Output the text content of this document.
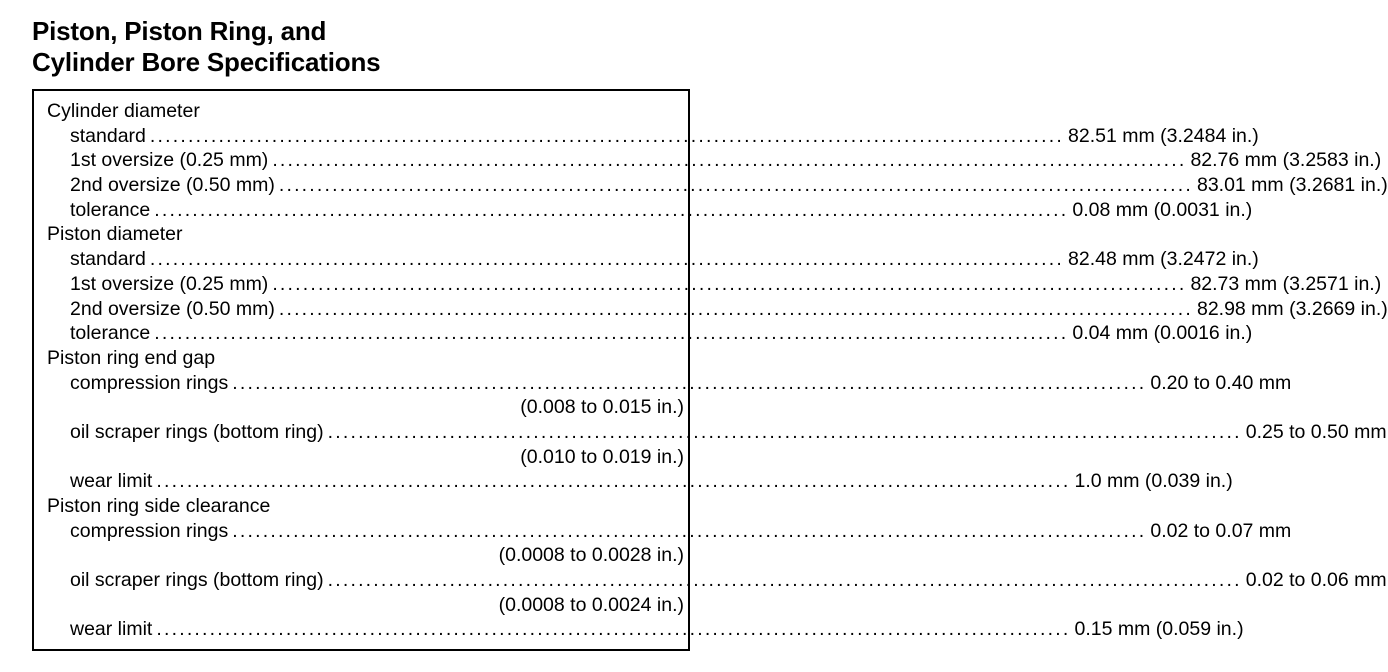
Piston, Piston Ring, and
Cylinder Bore Specifications
Cylinder diameter
standard ........................................................................................................................ 82.51 mm (3.2484 in.)
1st oversize (0.25 mm) ........................................................................................................................ 82.76 mm (3.2583 in.)
2nd oversize (0.50 mm) ........................................................................................................................ 83.01 mm (3.2681 in.)
tolerance ........................................................................................................................ 0.08 mm (0.0031 in.)
Piston diameter
standard ........................................................................................................................ 82.48 mm (3.2472 in.)
1st oversize (0.25 mm) ........................................................................................................................ 82.73 mm (3.2571 in.)
2nd oversize (0.50 mm) ........................................................................................................................ 82.98 mm (3.2669 in.)
tolerance ........................................................................................................................ 0.04 mm (0.0016 in.)
Piston ring end gap
compression rings ........................................................................................................................ 0.20 to 0.40 mm
(0.008 to 0.015 in.)
oil scraper rings (bottom ring) ........................................................................................................................ 0.25 to 0.50 mm
(0.010 to 0.019 in.)
wear limit ........................................................................................................................ 1.0 mm (0.039 in.)
Piston ring side clearance
compression rings ........................................................................................................................ 0.02 to 0.07 mm
(0.0008 to 0.0028 in.)
oil scraper rings (bottom ring) ........................................................................................................................ 0.02 to 0.06 mm
(0.0008 to 0.0024 in.)
wear limit ........................................................................................................................ 0.15 mm (0.059 in.)
